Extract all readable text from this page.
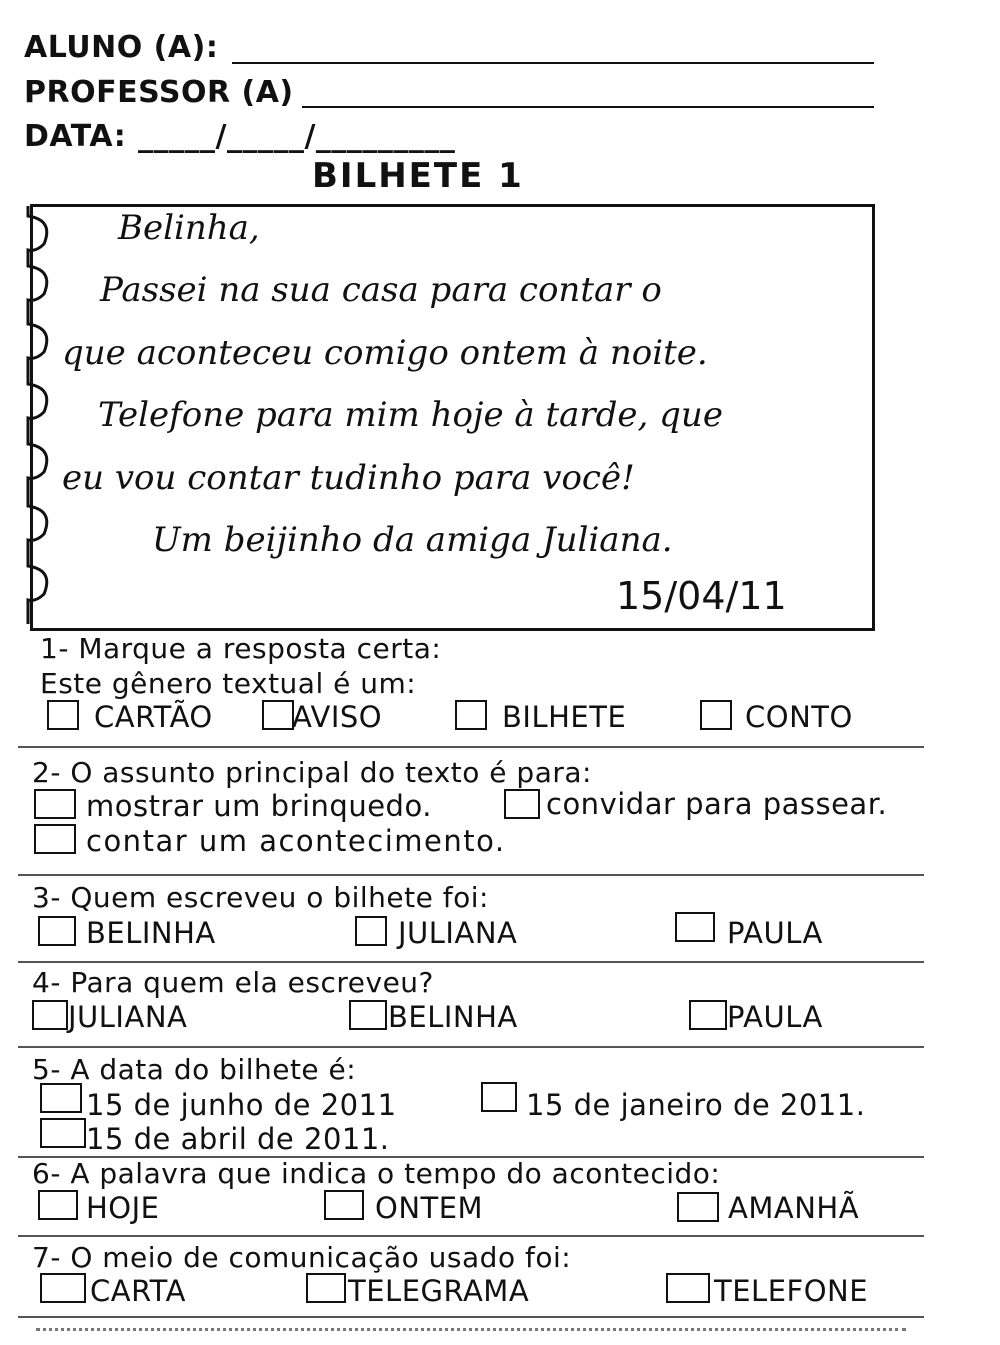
ALUNO (A):
PROFESSOR (A)
DATA: _____/_____/_________
BILHETE 1
Belinha,
Passei na sua casa para contar o
que aconteceu comigo ontem à noite.
Telefone para mim hoje à tarde, que
eu vou contar tudinho para você!
Um beijinho da amiga Juliana.
15/04/11
1- Marque a resposta certa:
Este gênero textual é um:
CARTÃO	AVISO	BILHETE	CONTO
2- O assunto principal do texto é para:
mostrar um brinquedo.	convidar para passear.
contar um acontecimento.
3- Quem escreveu o bilhete foi:
BELINHA	JULIANA	PAULA
4- Para quem ela escreveu?
JULIANA	BELINHA	PAULA
5- A data do bilhete é:
15 de junho de 2011	15 de janeiro de 2011.
15 de abril de 2011.
6- A palavra que indica o tempo do acontecido:
HOJE	ONTEM	AMANHÃ
7- O meio de comunicação usado foi:
CARTA	TELEGRAMA	TELEFONE
